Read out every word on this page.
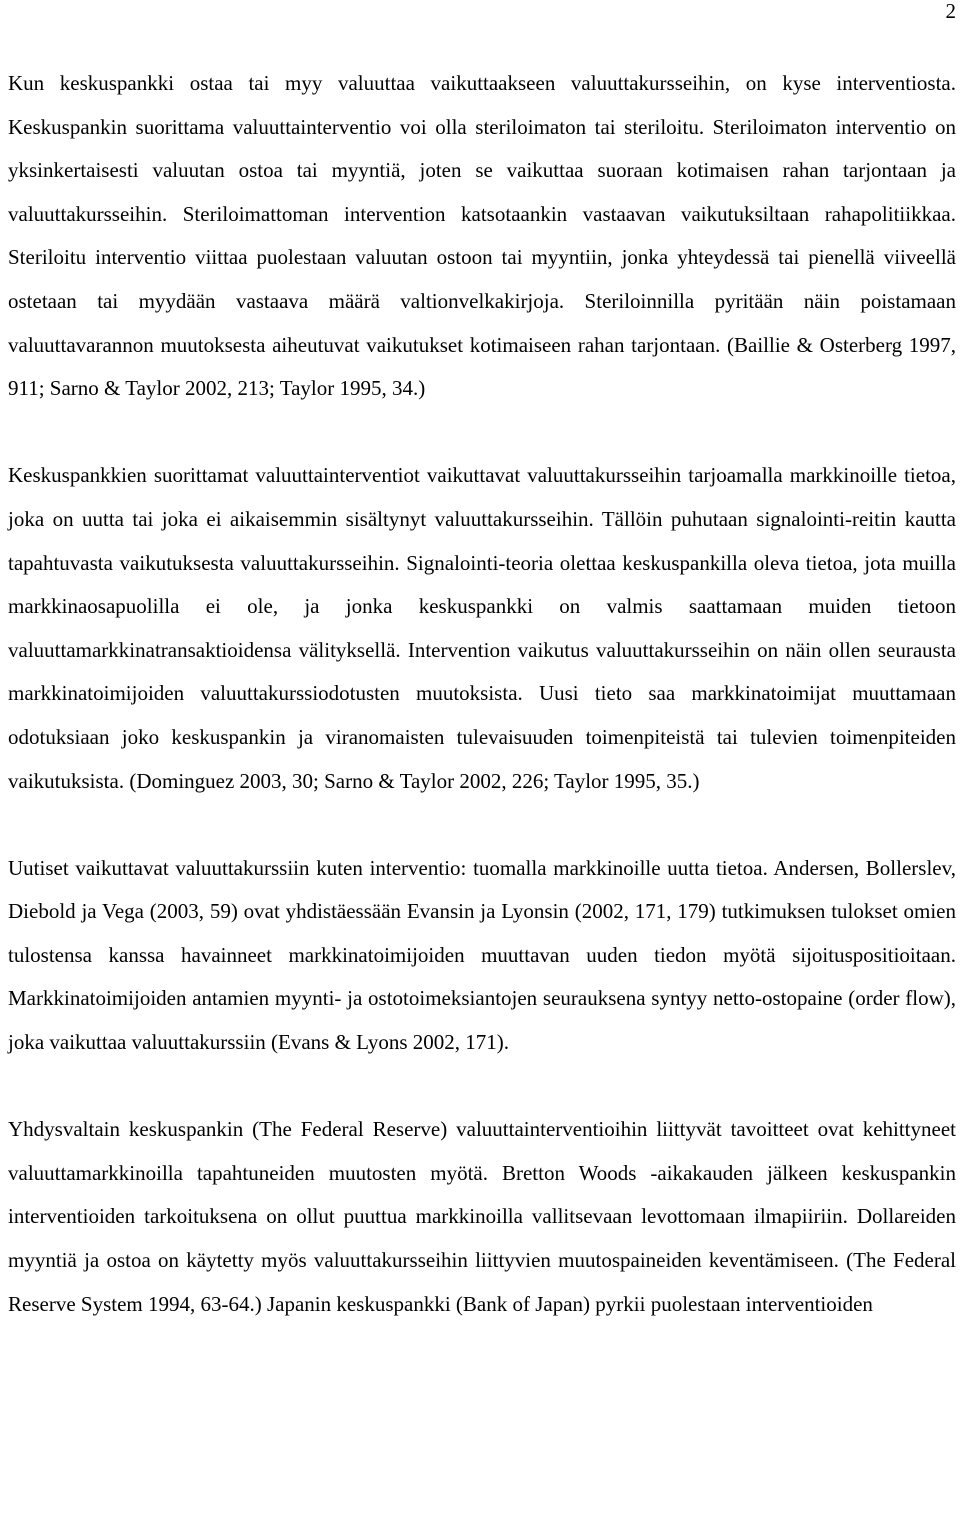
2

Kun keskuspankki ostaa tai myy valuuttaa vaikuttaakseen valuuttakursseihin, on kyse interventiosta. Keskuspankin suorittama valuuttainterventio voi olla steriloimaton tai steriloitu. Steriloimaton interventio on yksinkertaisesti valuutan ostoa tai myyntiä, joten se vaikuttaa suoraan kotimaisen rahan tarjontaan ja valuuttakursseihin. Steriloimattoman intervention katsotaankin vastaavan vaikutuksiltaan rahapolitiikkaa. Steriloitu interventio viittaa puolestaan valuutan ostoon tai myyntiin, jonka yhteydessä tai pienellä viiveellä ostetaan tai myydään vastaava määrä valtionvelkakirjoja. Steriloinnilla pyritään näin poistamaan valuuttavarannon muutoksesta aiheutuvat vaikutukset kotimaiseen rahan tarjontaan. (Baillie & Osterberg 1997, 911; Sarno & Taylor 2002, 213; Taylor 1995, 34.)

Keskuspankkien suorittamat valuuttainterventiot vaikuttavat valuuttakursseihin tarjoamalla markkinoille tietoa, joka on uutta tai joka ei aikaisemmin sisältynyt valuuttakursseihin. Tällöin puhutaan signalointi-reitin kautta tapahtuvasta vaikutuksesta valuuttakursseihin. Signalointi-teoria olettaa keskuspankilla oleva tietoa, jota muilla markkinaosapuolilla ei ole, ja jonka keskuspankki on valmis saattamaan muiden tietoon valuuttamarkkinatransaktioidensa välityksellä. Intervention vaikutus valuuttakursseihin on näin ollen seurausta markkinatoimijoiden valuuttakurssiodotusten muutoksista. Uusi tieto saa markkinatoimijat muuttamaan odotuksiaan joko keskuspankin ja viranomaisten tulevaisuuden toimenpiteistä tai tulevien toimenpiteiden vaikutuksista. (Dominguez 2003, 30; Sarno & Taylor 2002, 226; Taylor 1995, 35.)

Uutiset vaikuttavat valuuttakurssiin kuten interventio: tuomalla markkinoille uutta tietoa. Andersen, Bollerslev, Diebold ja Vega (2003, 59) ovat yhdistäessään Evansin ja Lyonsin (2002, 171, 179) tutkimuksen tulokset omien tulostensa kanssa havainneet markkinatoimijoiden muuttavan uuden tiedon myötä sijoituspositioitaan. Markkinatoimijoiden antamien myynti- ja ostotoimeksiantojen seurauksena syntyy netto-ostopaine (order flow), joka vaikuttaa valuuttakurssiin (Evans & Lyons 2002, 171).

Yhdysvaltain keskuspankin (The Federal Reserve) valuuttainterventioihin liittyvät tavoitteet ovat kehittyneet valuuttamarkkinoilla tapahtuneiden muutosten myötä. Bretton Woods -aikakauden jälkeen keskuspankin interventioiden tarkoituksena on ollut puuttua markkinoilla vallitsevaan levottomaan ilmapiiriin. Dollareiden myyntiä ja ostoa on käytetty myös valuuttakursseihin liittyvien muutospaineiden keventämiseen. (The Federal Reserve System 1994, 63-64.) Japanin keskuspankki (Bank of Japan) pyrkii puolestaan interventioiden
